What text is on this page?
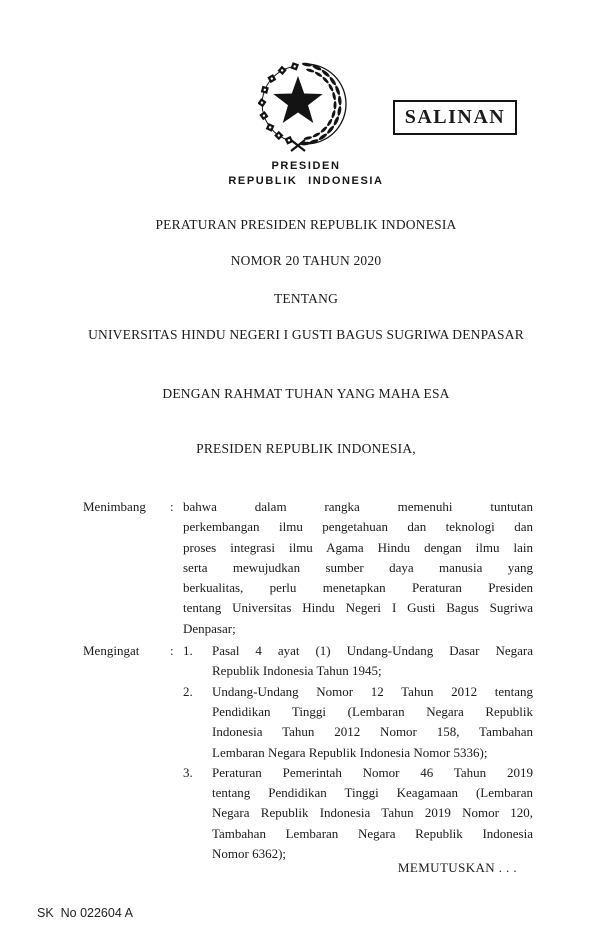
SALINAN
PRESIDEN
REPUBLIK INDONESIA
PERATURAN PRESIDEN REPUBLIK INDONESIA
NOMOR 20 TAHUN 2020
TENTANG
UNIVERSITAS HINDU NEGERI I GUSTI BAGUS SUGRIWA DENPASAR
DENGAN RAHMAT TUHAN YANG MAHA ESA
PRESIDEN REPUBLIK INDONESIA,
Menimbang	: bahwa dalam rangka memenuhi tuntutan
perkembangan ilmu pengetahuan dan teknologi dan
proses integrasi ilmu Agama Hindu dengan ilmu lain
serta mewujudkan sumber daya manusia yang
berkualitas, perlu menetapkan Peraturan Presiden
tentang Universitas Hindu Negeri I Gusti Bagus Sugriwa
Denpasar;
Mengingat	: 1.	Pasal 4 ayat (1) Undang-Undang Dasar Negara
Republik Indonesia Tahun 1945;
2.	Undang-Undang Nomor 12 Tahun 2012 tentang
Pendidikan Tinggi (Lembaran Negara Republik
Indonesia Tahun 2012 Nomor 158, Tambahan
Lembaran Negara Republik Indonesia Nomor 5336);
3.	Peraturan Pemerintah Nomor 46 Tahun 2019
tentang Pendidikan Tinggi Keagamaan (Lembaran
Negara Republik Indonesia Tahun 2019 Nomor 120,
Tambahan Lembaran Negara Republik Indonesia
Nomor 6362);
MEMUTUSKAN . . .
SK  No 022604 A
